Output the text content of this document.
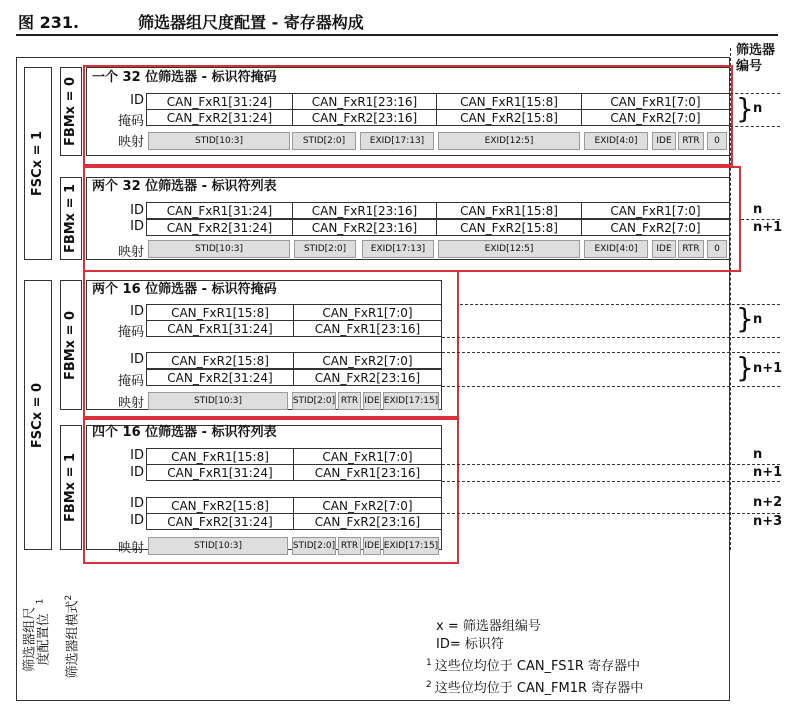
图 231.	筛选器组尺度配置 - 寄存器构成
筛选器
编号
FSCx = 1
FSCx = 0
FBMx = 0
FBMx = 1
FBMx = 0
FBMx = 1
筛选器组尺度配置位$^1$	筛选器组模式$^2$
一个 32 位筛选器 - 标识符掩码
ID
掩码
映射
CAN_FxR1[31:24]	CAN_FxR1[23:16]	CAN_FxR1[15:8]	CAN_FxR1[7:0]
CAN_FxR2[31:24]	CAN_FxR2[23:16]	CAN_FxR2[15:8]	CAN_FxR2[7:0]
STID[10:3]	STID[2:0]	EXID[17:13]	EXID[12:5]	EXID[4:0]	IDE	RTR	0
} n
两个 32 位筛选器 - 标识符列表
ID
ID
映射
CAN_FxR1[31:24]	CAN_FxR1[23:16]	CAN_FxR1[15:8]	CAN_FxR1[7:0]
CAN_FxR2[31:24]	CAN_FxR2[23:16]	CAN_FxR2[15:8]	CAN_FxR2[7:0]
STID[10:3]	STID[2:0]	EXID[17:13]	EXID[12:5]	EXID[4:0]	IDE	RTR	0
n
n+1
两个 16 位筛选器 - 标识符掩码
ID
掩码
ID
掩码
映射
CAN_FxR1[15:8]	CAN_FxR1[7:0]
CAN_FxR1[31:24]	CAN_FxR1[23:16]
CAN_FxR2[15:8]	CAN_FxR2[7:0]
CAN_FxR2[31:24]	CAN_FxR2[23:16]
STID[10:3]	STID[2:0] RTR IDE EXID[17:15]
} n
} n+1
四个 16 位筛选器 - 标识符列表
ID
ID
ID
ID
映射
CAN_FxR1[15:8]	CAN_FxR1[7:0]
CAN_FxR1[31:24]	CAN_FxR1[23:16]
CAN_FxR2[15:8]	CAN_FxR2[7:0]
CAN_FxR2[31:24]	CAN_FxR2[23:16]
STID[10:3]	STID[2:0] RTR IDE EXID[17:15]
n
n+1
n+2
n+3
x = 筛选器组编号
ID= 标识符
$^1$ 这些位均位于 CAN_FS1R 寄存器中
$^2$ 这些位均位于 CAN_FM1R 寄存器中
